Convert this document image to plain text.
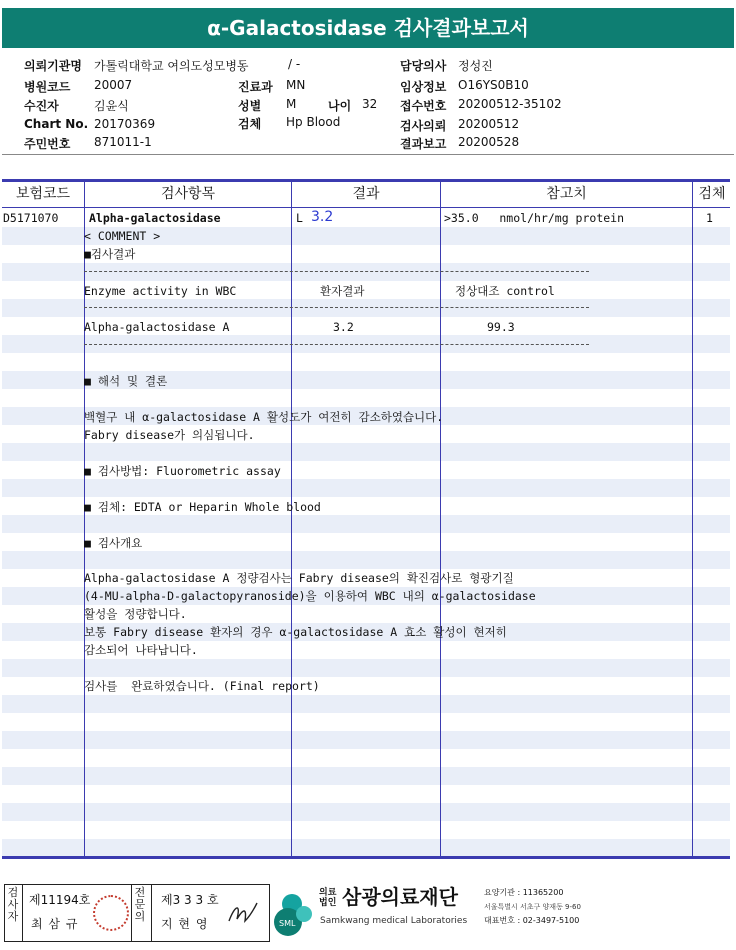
α-Galactosidase 검사결과보고서
의뢰기관명 가톨릭대학교 여의도성모병동	/ -	담당의사 정성진
병원코드 20007	진료과 MN	임상정보 O16YS0B10
수진자	김윤식	성별 M	나이 32 접수번호 20200512-35102
Chart No. 20170369	검체 Hp Blood	검사의뢰 20200512
주민번호 871011-1	결과보고 20200528
보험코드	검사항목	결과	참고치	검체
D5171070	Alpha-galactosidase	L 3.2	>35.0   nmol/hr/mg protein	1
< COMMENT >
■검사결과
Enzyme activity in WBC	환자결과	정상대조 control
Alpha-galactosidase A	3.2	99.3
■ 해석 및 결론
백혈구 내 α-galactosidase A 활성도가 여전히 감소하였습니다.
Fabry disease가 의심됩니다.
■ 검사방법: Fluorometric assay
■ 검체: EDTA or Heparin Whole blood
■ 검사개요
Alpha-galactosidase A 정량검사는 Fabry disease의 확진검사로 형광기질
(4-MU-alpha-D-galactopyranoside)을 이용하여 WBC 내의 α-galactosidase
활성을 정량합니다.
보통 Fabry disease 환자의 경우 α-galactosidase A 효소 활성이 현저히
감소되어 나타납니다.
검사를  완료하였습니다. (Final report)
검사자
제11194호
최 삼 규
전문의
제3 3 3 호
지 현 영	SML
의료법인 삼광의료재단
Samkwang medical Laboratories
요양기관 : 11365200
서울특별시 서초구 양재동 9-60
대표번호 : 02-3497-5100
